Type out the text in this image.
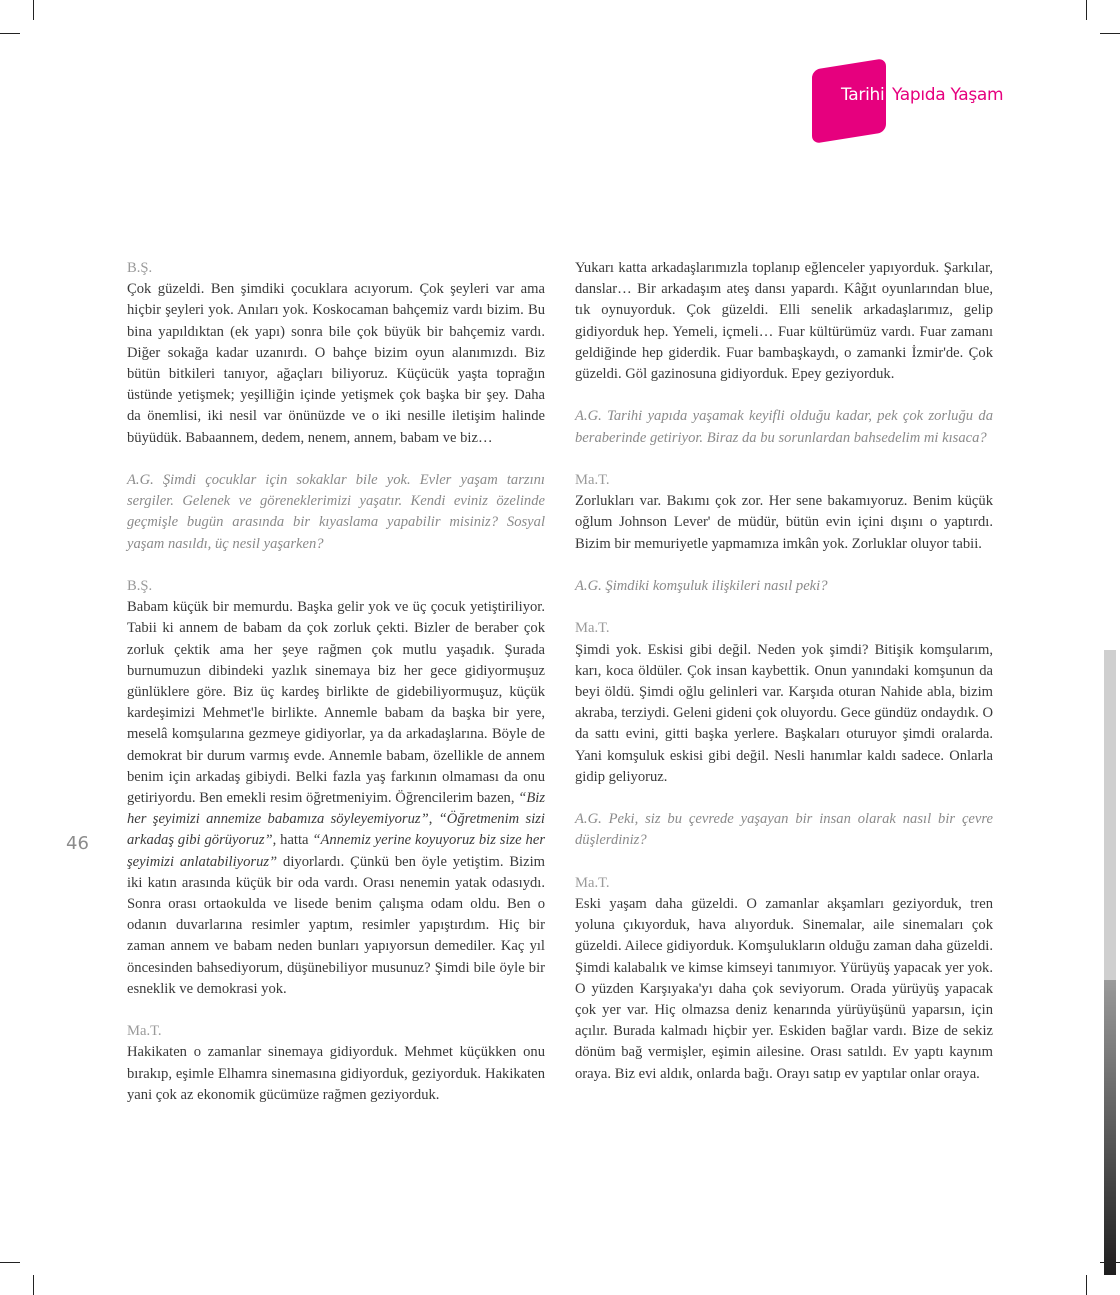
Tarihi Yapıda Yaşam
46

B.Ş.

Çok güzeldi. Ben şimdiki çocuklara acıyorum. Çok şeyleri var ama hiçbir şeyleri yok. Anıları yok. Koskocaman bahçemiz vardı bizim. Bu bina yapıldıktan (ek yapı) sonra bile çok büyük bir bahçemiz vardı. Diğer sokağa kadar uzanırdı. O bahçe bizim oyun alanımızdı. Biz bütün bitkileri tanıyor, ağaçları biliyoruz. Küçücük yaşta toprağın üstünde yetişmek; yeşilliğin içinde yetişmek çok başka bir şey. Daha da önemlisi, iki nesil var önünüzde ve o iki nesille iletişim halinde büyüdük. Babaannem, dedem, nenem, annem, babam ve biz…

A.G. Şimdi çocuklar için sokaklar bile yok. Evler yaşam tarzını sergiler. Gelenek ve göreneklerimizi yaşatır. Kendi eviniz özelinde geçmişle bugün arasında bir kıyaslama yapabilir misiniz? Sosyal yaşam nasıldı, üç nesil yaşarken?

B.Ş.

Babam küçük bir memurdu. Başka gelir yok ve üç çocuk yetiştiriliyor. Tabii ki annem de babam da çok zorluk çekti. Bizler de beraber çok zorluk çektik ama her şeye rağmen çok mutlu yaşadık. Şurada burnumuzun dibindeki yazlık sinemaya biz her gece gidiyormuşuz günlüklere göre. Biz üç kardeş birlikte de gidebiliyormuşuz, küçük kardeşimizi Mehmet'le birlikte. Annemle babam da başka bir yere, meselâ komşularına gezmeye gidiyorlar, ya da arkadaşlarına. Böyle de demokrat bir durum varmış evde. Annemle babam, özellikle de annem benim için arkadaş gibiydi. Belki fazla yaş farkının olmaması da onu getiriyordu. Ben emekli resim öğretmeniyim. Öğrencilerim bazen, “Biz her şeyimizi annemize babamıza söyleyemiyoruz”, “Öğretmenim sizi arkadaş gibi görüyoruz”, hatta “Annemiz yerine koyuyoruz biz size her şeyimizi anlatabiliyoruz” diyorlardı. Çünkü ben öyle yetiştim. Bizim iki katın arasında küçük bir oda vardı. Orası nenemin yatak odasıydı. Sonra orası ortaokulda ve lisede benim çalışma odam oldu. Ben o odanın duvarlarına resimler yaptım, resimler yapıştırdım. Hiç bir zaman annem ve babam neden bunları yapıyorsun demediler. Kaç yıl öncesinden bahsediyorum, düşünebiliyor musunuz? Şimdi bile öyle bir esneklik ve demokrasi yok.

Ma.T.

Hakikaten o zamanlar sinemaya gidiyorduk. Mehmet küçükken onu bırakıp, eşimle Elhamra sinemasına gidiyorduk, geziyorduk. Hakikaten yani çok az ekonomik gücümüze rağmen geziyorduk.

Yukarı katta arkadaşlarımızla toplanıp eğlenceler yapıyorduk. Şarkılar, danslar… Bir arkadaşım ateş dansı yapardı. Kâğıt oyunlarından blue, tık oynuyorduk. Çok güzeldi. Elli senelik arkadaşlarımız, gelip gidiyorduk hep. Yemeli, içmeli… Fuar kültürümüz vardı. Fuar zamanı geldiğinde hep giderdik. Fuar bambaşkaydı, o zamanki İzmir'de. Çok güzeldi. Göl gazinosuna gidiyorduk. Epey geziyorduk.

A.G. Tarihi yapıda yaşamak keyifli olduğu kadar, pek çok zorluğu da beraberinde getiriyor. Biraz da bu sorunlardan bahsedelim mi kısaca?

Ma.T.

Zorlukları var. Bakımı çok zor. Her sene bakamıyoruz. Benim küçük oğlum Johnson Lever' de müdür, bütün evin içini dışını o yaptırdı. Bizim bir memuriyetle yapmamıza imkân yok. Zorluklar oluyor tabii.

A.G. Şimdiki komşuluk ilişkileri nasıl peki?

Ma.T.

Şimdi yok. Eskisi gibi değil. Neden yok şimdi? Bitişik komşularım, karı, koca öldüler. Çok insan kaybettik. Onun yanındaki komşunun da beyi öldü. Şimdi oğlu gelinleri var. Karşıda oturan Nahide abla, bizim akraba, terziydi. Geleni gideni çok oluyordu. Gece gündüz ondaydık. O da sattı evini, gitti başka yerlere. Başkaları oturuyor şimdi oralarda. Yani komşuluk eskisi gibi değil. Nesli hanımlar kaldı sadece. Onlarla gidip geliyoruz.

A.G. Peki, siz bu çevrede yaşayan bir insan olarak nasıl bir çevre düşlerdiniz?

Ma.T.

Eski yaşam daha güzeldi. O zamanlar akşamları geziyorduk, tren yoluna çıkıyorduk, hava alıyorduk. Sinemalar, aile sinemaları çok güzeldi. Ailece gidiyorduk. Komşulukların olduğu zaman daha güzeldi. Şimdi kalabalık ve kimse kimseyi tanımıyor. Yürüyüş yapacak yer yok. O yüzden Karşıyaka'yı daha çok seviyorum. Orada yürüyüş yapacak çok yer var. Hiç olmazsa deniz kenarında yürüyüşünü yaparsın, için açılır. Burada kalmadı hiçbir yer. Eskiden bağlar vardı. Bize de sekiz dönüm bağ vermişler, eşimin ailesine. Orası satıldı. Ev yaptı kaynım oraya. Biz evi aldık, onlarda bağı. Orayı satıp ev yaptılar onlar oraya.
